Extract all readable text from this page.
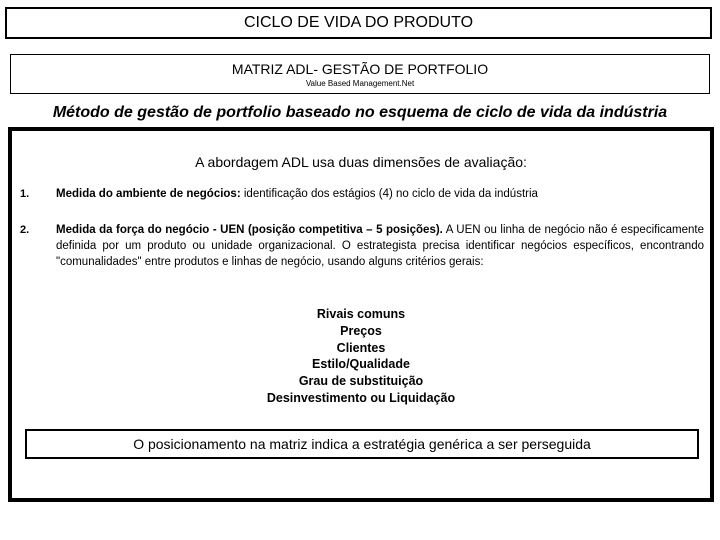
CICLO DE VIDA DO PRODUTO
MATRIZ ADL- GESTÃO DE PORTFOLIO
Value Based Management.Net
Método de gestão de portfolio baseado no esquema de ciclo de vida da indústria
A abordagem ADL usa duas dimensões de avaliação:
1. Medida do ambiente de negócios: identificação dos estágios (4) no ciclo de vida da indústria
2. Medida da força do negócio - UEN (posição competitiva – 5 posições). A UEN ou linha de negócio não é especificamente definida por um produto ou unidade organizacional. O estrategista precisa identificar negócios específicos, encontrando "comunalidades" entre produtos e linhas de negócio, usando alguns critérios gerais:
Rivais comuns
Preços
Clientes
Estilo/Qualidade
Grau de substituição
Desinvestimento ou Liquidação
O posicionamento na matriz indica a estratégia genérica a ser perseguida
